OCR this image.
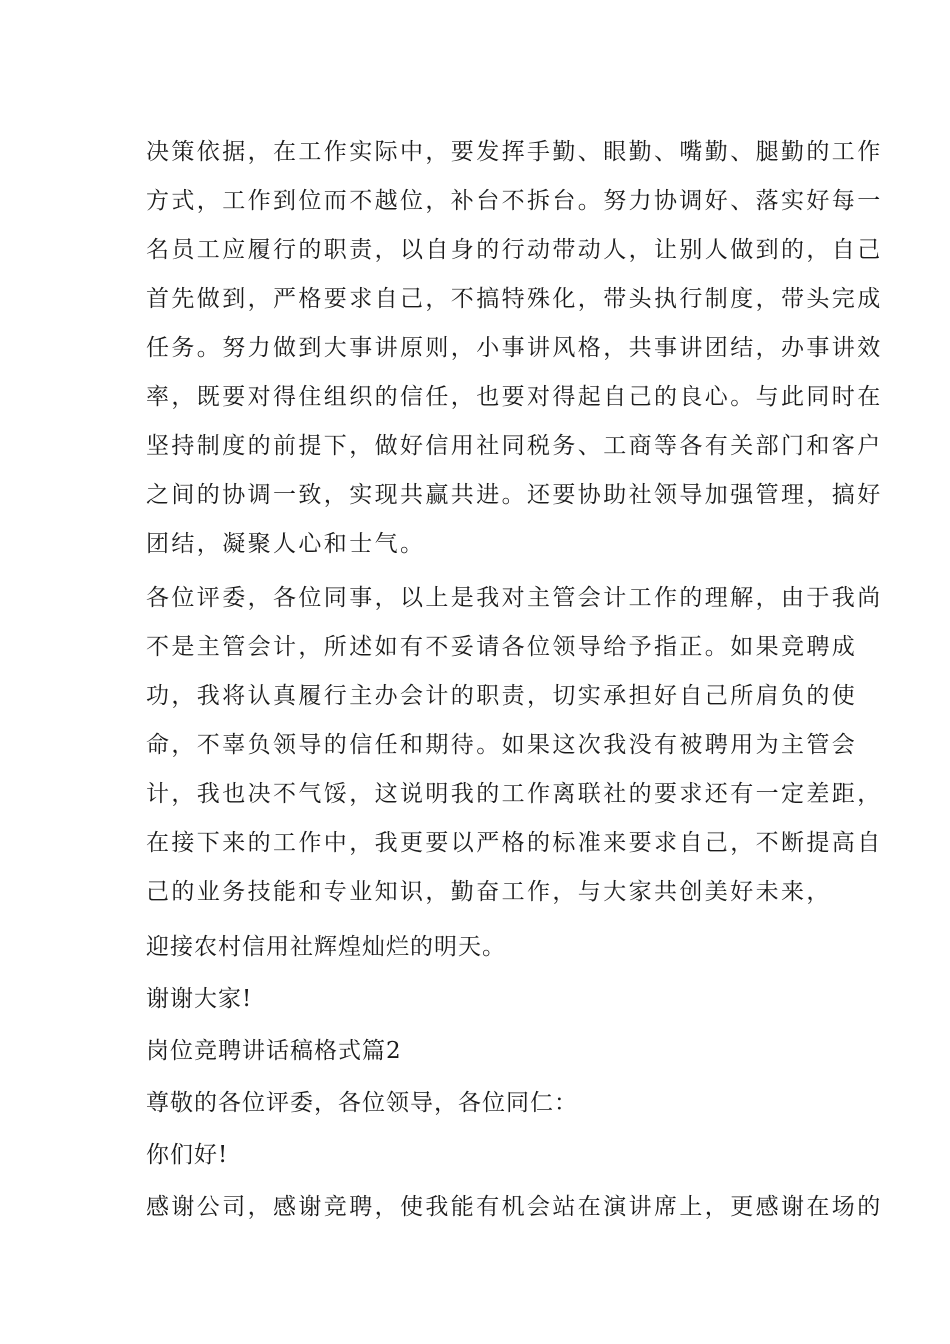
决策依据，在工作实际中，要发挥手勤、眼勤、嘴勤、腿勤的工作
方式，工作到位而不越位，补台不拆台。努力协调好、落实好每一
名员工应履行的职责，以自身的行动带动人，让别人做到的，自己
首先做到，严格要求自己，不搞特殊化，带头执行制度，带头完成
任务。努力做到大事讲原则，小事讲风格，共事讲团结，办事讲效
率，既要对得住组织的信任，也要对得起自己的良心。与此同时在
坚持制度的前提下，做好信用社同税务、工商等各有关部门和客户
之间的协调一致，实现共赢共进。还要协助社领导加强管理，搞好
团结，凝聚人心和士气。
各位评委，各位同事，以上是我对主管会计工作的理解，由于我尚
不是主管会计，所述如有不妥请各位领导给予指正。如果竞聘成
功，我将认真履行主办会计的职责，切实承担好自己所肩负的使
命，不辜负领导的信任和期待。如果这次我没有被聘用为主管会
计，我也决不气馁，这说明我的工作离联社的要求还有一定差距，
在接下来的工作中，我更要以严格的标准来要求自己，不断提高自
己的业务技能和专业知识，勤奋工作，与大家共创美好未来，
迎接农村信用社辉煌灿烂的明天。
谢谢大家!
岗位竞聘讲话稿格式篇2
尊敬的各位评委，各位领导，各位同仁：
你们好!
感谢公司，感谢竞聘，使我能有机会站在演讲席上，更感谢在场的
